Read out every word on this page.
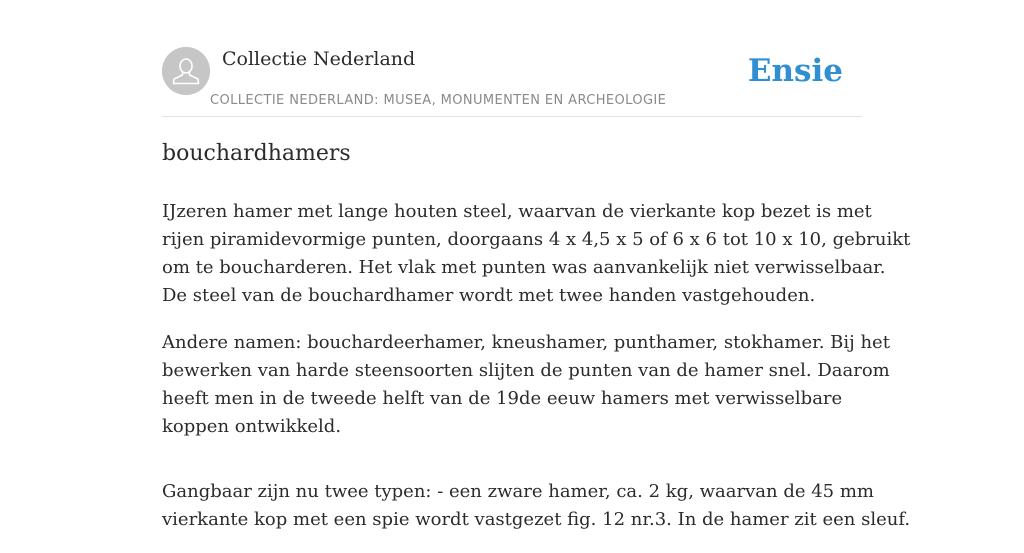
Collectie Nederland
COLLECTIE NEDERLAND: MUSEA, MONUMENTEN EN ARCHEOLOGIE
Ensie
bouchardhamers

IJzeren hamer met lange houten steel, waarvan de vierkante kop bezet is met
rijen piramidevormige punten, doorgaans 4 x 4,5 x 5 of 6 x 6 tot 10 x 10, gebruikt
om te boucharderen. Het vlak met punten was aanvankelijk niet verwisselbaar.
De steel van de bouchardhamer wordt met twee handen vastgehouden.

Andere namen: bouchardeerhamer, kneushamer, punthamer, stokhamer. Bij het
bewerken van harde steensoorten slijten de punten van de hamer snel. Daarom
heeft men in de tweede helft van de 19de eeuw hamers met verwisselbare
koppen ontwikkeld.

Gangbaar zijn nu twee typen: - een zware hamer, ca. 2 kg, waarvan de 45 mm
vierkante kop met een spie wordt vastgezet fig. 12 nr.3. In de hamer zit een sleuf.
